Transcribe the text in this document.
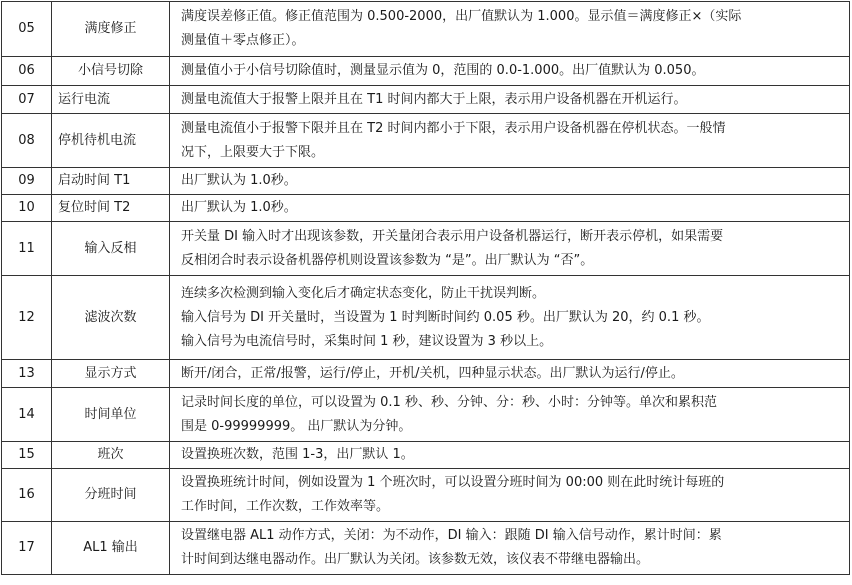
05	满度修正	满度误差修正值。修正值范围为 0.500-2000，出厂值默认为 1.000。显示值＝满度修正×（实际
测量值＋零点修正）。

06	小信号切除	测量值小于小信号切除值时，测量显示值为 0，范围的 0.0-1.000。出厂值默认为 0.050。

07	运行电流	测量电流值大于报警上限并且在 T1 时间内都大于上限，表示用户设备机器在开机运行。

08	停机待机电流	测量电流值小于报警下限并且在 T2 时间内都小于下限，表示用户设备机器在停机状态。一般情
况下，上限要大于下限。

09	启动时间 T1	出厂默认为 1.0秒。

10	复位时间 T2	出厂默认为 1.0秒。

11	输入反相	开关量 DI 输入时才出现该参数，开关量闭合表示用户设备机器运行，断开表示停机，如果需要
反相闭合时表示设备机器停机则设置该参数为 “是”。出厂默认为 “否”。

12	滤波次数	连续多次检测到输入变化后才确定状态变化，防止干扰误判断。
输入信号为 DI 开关量时，当设置为 1 时判断时间约 0.05 秒。出厂默认为 20，约 0.1 秒。
输入信号为电流信号时，采集时间 1 秒，建议设置为 3 秒以上。

13	显示方式	断开/闭合，正常/报警，运行/停止，开机/关机，四种显示状态。出厂默认为运行/停止。

14	时间单位	记录时间长度的单位，可以设置为 0.1 秒、秒、分钟、分：秒、小时：分钟等。单次和累积范
围是 0-99999999。 出厂默认为分钟。

15	班次	设置换班次数，范围 1-3，出厂默认 1。

16	分班时间	设置换班统计时间，例如设置为 1 个班次时，可以设置分班时间为 00:00 则在此时统计每班的
工作时间，工作次数，工作效率等。

17	AL1 输出	设置继电器 AL1 动作方式，关闭：为不动作，DI 输入：跟随 DI 输入信号动作，累计时间：累
计时间到达继电器动作。出厂默认为关闭。该参数无效，该仪表不带继电器输出。
